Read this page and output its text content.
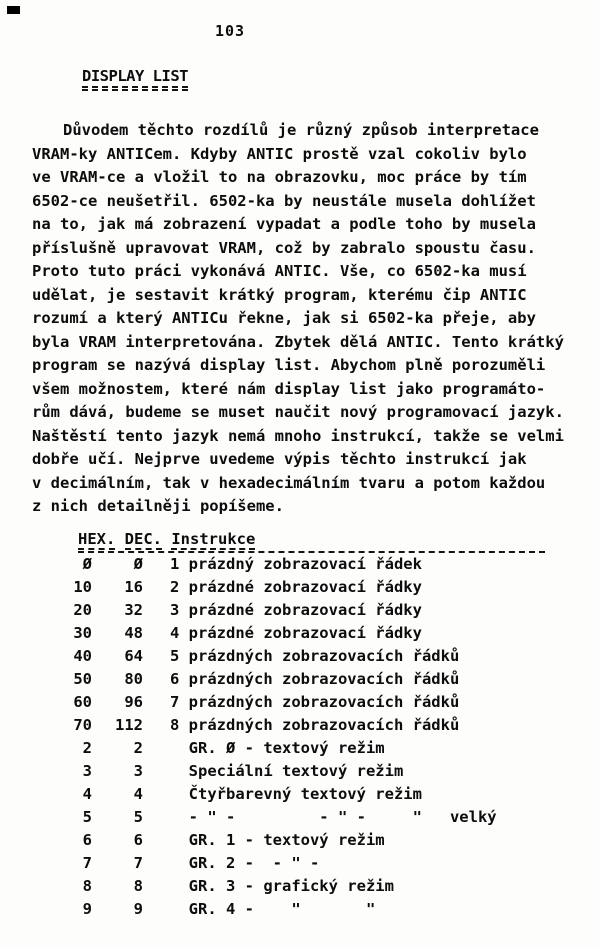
103
DISPLAY LIST
Důvodem těchto rozdílů je různý způsob interpretace
VRAM-ky ANTICem. Kdyby ANTIC prostě vzal cokoliv bylo
ve VRAM-ce a vložil to na obrazovku, moc práce by tím
6502-ce neušetřil. 6502-ka by neustále musela dohlížet
na to, jak má zobrazení vypadat a podle toho by musela
příslušně upravovat VRAM, což by zabralo spoustu času.
Proto tuto práci vykonává ANTIC. Vše, co 6502-ka musí
udělat, je sestavit krátký program, kterému čip ANTIC
rozumí a který ANTICu řekne, jak si 6502-ka přeje, aby
byla VRAM interpretována. Zbytek dělá ANTIC. Tento krátký
program se nazývá display list. Abychom plně porozuměli
všem možnostem, které nám display list jako programáto-
rům dává, budeme se muset naučit nový programovací jazyk.
Naštěstí tento jazyk nemá mnoho instrukcí, takže se velmi
dobře učí. Nejprve uvedeme výpis těchto instrukcí jak
v decimálním, tak v hexadecimálním tvaru a potom každou
z nich detailněji popíšeme.
HEX. DEC. Instrukce
Ø	Ø	1 prázdný zobrazovací řádek
10	16	2 prázdné zobrazovací řádky
20	32	3 prázdné zobrazovací řádky
30	48	4 prázdné zobrazovací řádky
40	64	5 prázdných zobrazovacích řádků
50	80	6 prázdných zobrazovacích řádků
60	96	7 prázdných zobrazovacích řádků
70	112	8 prázdných zobrazovacích řádků
2	2	GR. Ø - textový režim
3	3	Speciální textový režim
4	4	Čtyřbarevný textový režim
5	5	- " -         - " -     "   velký
6	6	GR. 1 - textový režim
7	7	GR. 2 -  - " -
8	8	GR. 3 - grafický režim
9	9	GR. 4 -    "       "
